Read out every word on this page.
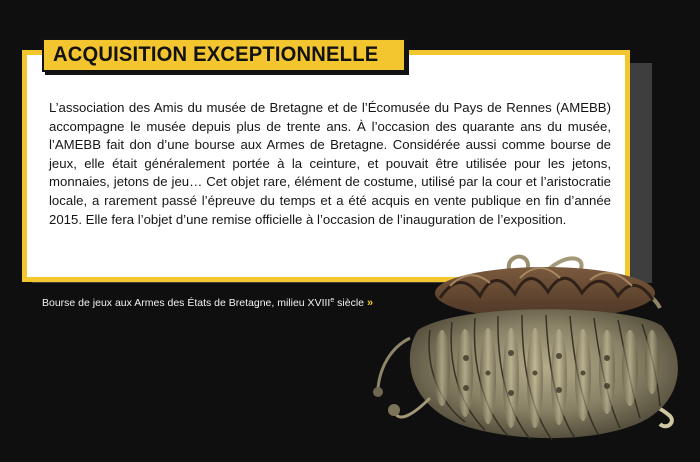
L’association des Amis du musée de Bretagne et de l’Écomusée du Pays de Rennes (AMEBB) accompagne le musée depuis plus de trente ans. À l’occasion des quarante ans du musée, l’AMEBB fait don d’une bourse aux Armes de Bretagne. Considérée aussi comme bourse de jeux, elle était généralement portée à la ceinture, et pouvait être utilisée pour les jetons, monnaies, jetons de jeu… Cet objet rare, élément de costume, utilisé par la cour et l’aristocratie locale, a rarement passé l’épreuve du temps et a été acquis en vente publique en fin d’année 2015. Elle fera l’objet d’une remise officielle à l’occasion de l’inauguration de l’exposition.

ACQUISITION EXCEPTIONNELLE
Bourse de jeux aux Armes des États de Bretagne, milieu XVIIIe siècle »
